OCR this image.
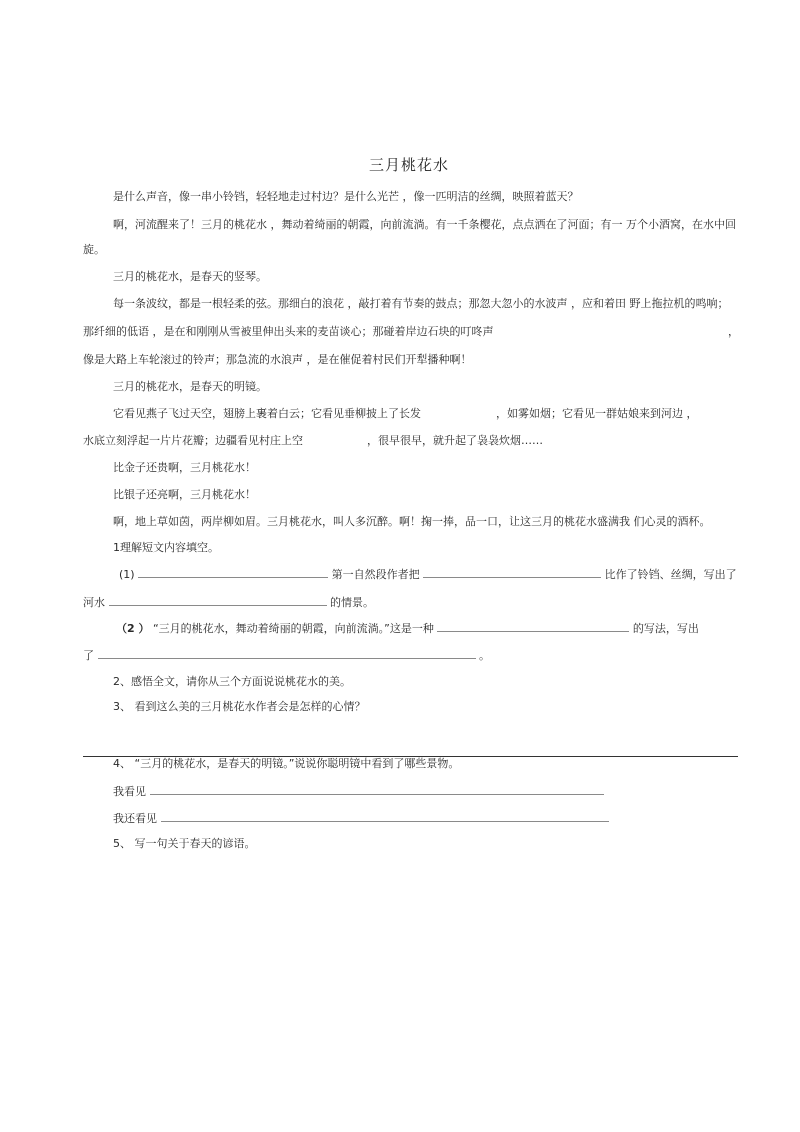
三月桃花水
是什么声音，像一串小铃铛，轻轻地走过村边？是什么光芒 ，像一匹明洁的丝绸，映照着蓝天？
啊，河流醒来了！三月的桃花水 ，舞动着绮丽的朝霞，向前流淌。有一千条樱花，点点洒在了河面；有一 万个小酒窝，在水中回
旋。
三月的桃花水，是春天的竖琴。
每一条波纹，都是一根轻柔的弦。那细白的浪花 ，敲打着有节奏的鼓点；那忽大忽小的水波声 ，应和着田 野上拖拉机的鸣响；
那纤细的低语 ，是在和刚刚从雪被里伸出头来的麦苗谈心；那碰着岸边石块的叮咚声	，
像是大路上车轮滚过的铃声；那急流的水浪声 ，是在催促着村民们开犁播种啊！
三月的桃花水，是春天的明镜。
它看见燕子飞过天空，翅膀上裹着白云；它看见垂柳披上了长发	，如雾如烟；它看见一群姑娘来到河边 ，
水底立刻浮起一片片花瓣；边疆看见村庄上空	，很早很早，就升起了袅袅炊烟……
比金子还贵啊，三月桃花水！
比银子还亮啊，三月桃花水！
啊，地上草如茵，两岸柳如眉。三月桃花水，叫人多沉醉。啊！掬一捧，品一口，让这三月的桃花水盛满我 们心灵的酒杯。
1理解短文内容填空。
(1)	第一自然段作者把	比作了铃铛、丝绸，写出了
河水	的情景。
（2 ） “三月的桃花水，舞动着绮丽的朝霞，向前流淌。”这是一种	的写法，写出
了	。
2、感悟全文，请你从三个方面说说桃花水的美。
3、 看到这么美的三月桃花水作者会是怎样的心情？
4、 “三月的桃花水，是春天的明镜。”说说你聪明镜中看到了哪些景物。
我看见
我还看见
5、 写一句关于春天的谚语。
